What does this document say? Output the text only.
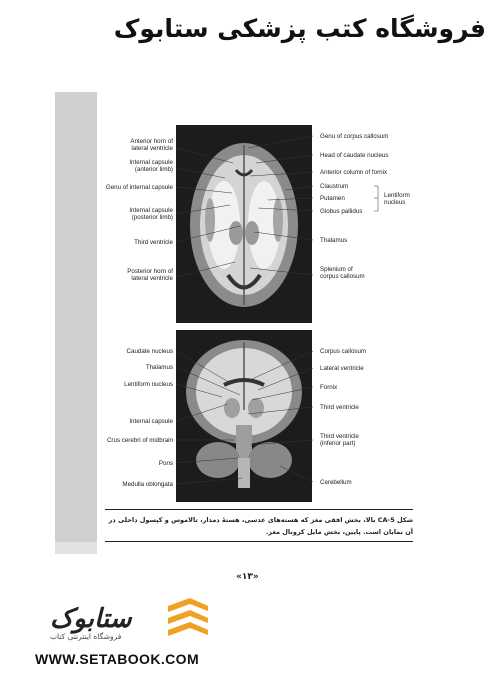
فروشگاه کتب پزشکی ستابوک
Anterior horn of
lateral ventricle
Internal capsule
(anterior limb)
Genu of internal capsule
Internal capsule
(posterior limb)
Third ventricle
Posterior horn of
lateral ventricle
Genu of corpus callosum
Head of caudate nucleus
Anterior column of fornix
Claustrum
Putamen
Globus pallidus
Thalamus
Splenium of
corpus callosum
Lentiform
nucleus
Caudate nucleus
Thalamus
Lentiform nucleus
Internal capsule
Crus cerebri of midbrain
Pons
Medulla oblongata
Corpus callosum
Lateral ventricle
Fornix
Third ventricle
Third ventricle
(inferior part)
Cerebellum
شکل CA-5 بالا، بخش افقی مغز که هسته‌های عدسی، هستهٔ دمدار، تالاموس و کپسول داخلی در آن نمایان است. پایین، بخش مایل کرونال مغز.
«۱۳»
ستابوک
فروشگاه اینترنتی کتاب
WWW.SETABOOK.COM
